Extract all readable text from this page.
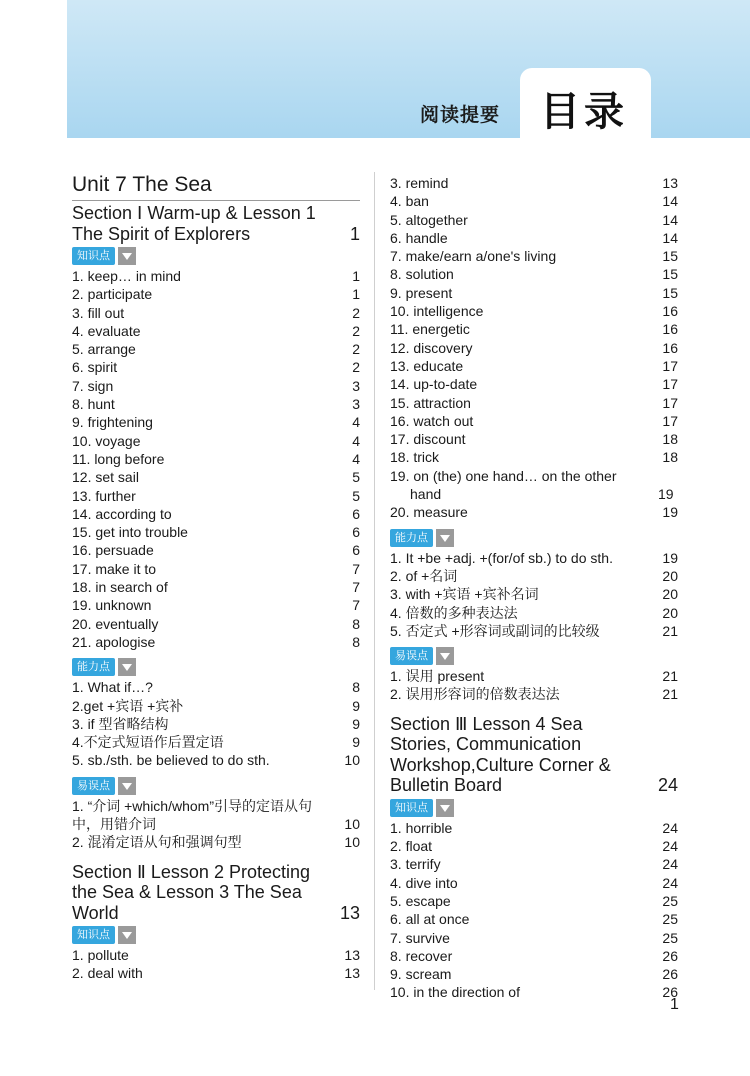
阅读提要 目录
Unit 7 The Sea
Section Ⅰ Warm-up & Lesson 1 The Spirit of Explorers	1
知识点
1. keep… in mind	1
2. participate	1
3. fill out	2
4. evaluate	2
5. arrange	2
6. spirit	2
7. sign	3
8. hunt	3
9. frightening	4
10. voyage	4
11. long before	4
12. set sail	5
13. further	5
14. according to	6
15. get into trouble	6
16. persuade	6
17. make it to	7
18. in search of	7
19. unknown	7
20. eventually	8
21. apologise	8
能力点
1. What if…?	8
2.get +宾语 +宾补	9
3. if 型省略结构	9
4.不定式短语作后置定语	9
5. sb./sth. be believed to do sth.	10
易误点
1. “介词 +which/whom”引导的定语从句中，用错介词	10
2. 混淆定语从句和强调句型	10
Section Ⅱ Lesson 2 Protecting the Sea & Lesson 3 The Sea World	13
知识点
1. pollute	13
2. deal with	13
3. remind	13
4. ban	14
5. altogether	14
6. handle	14
7. make/earn a/one's living	15
8. solution	15
9. present	15
10. intelligence	16
11. energetic	16
12. discovery	16
13. educate	17
14. up-to-date	17
15. attraction	17
16. watch out	17
17. discount	18
18. trick	18
19. on (the) one hand… on the other hand	19
20. measure	19
能力点
1. It +be +adj. +(for/of sb.) to do sth.	19
2. of +名词	20
3. with +宾语 +宾补名词	20
4. 倍数的多种表达法	20
5. 否定式 +形容词或副词的比较级	21
易误点
1. 误用 present	21
2. 误用形容词的倍数表达法	21
Section Ⅲ Lesson 4 Sea Stories, Communication Workshop,Culture Corner & Bulletin Board	24
知识点
1. horrible	24
2. float	24
3. terrify	24
4. dive into	24
5. escape	25
6. all at once	25
7. survive	25
8. recover	26
9. scream	26
10. in the direction of	26
1
